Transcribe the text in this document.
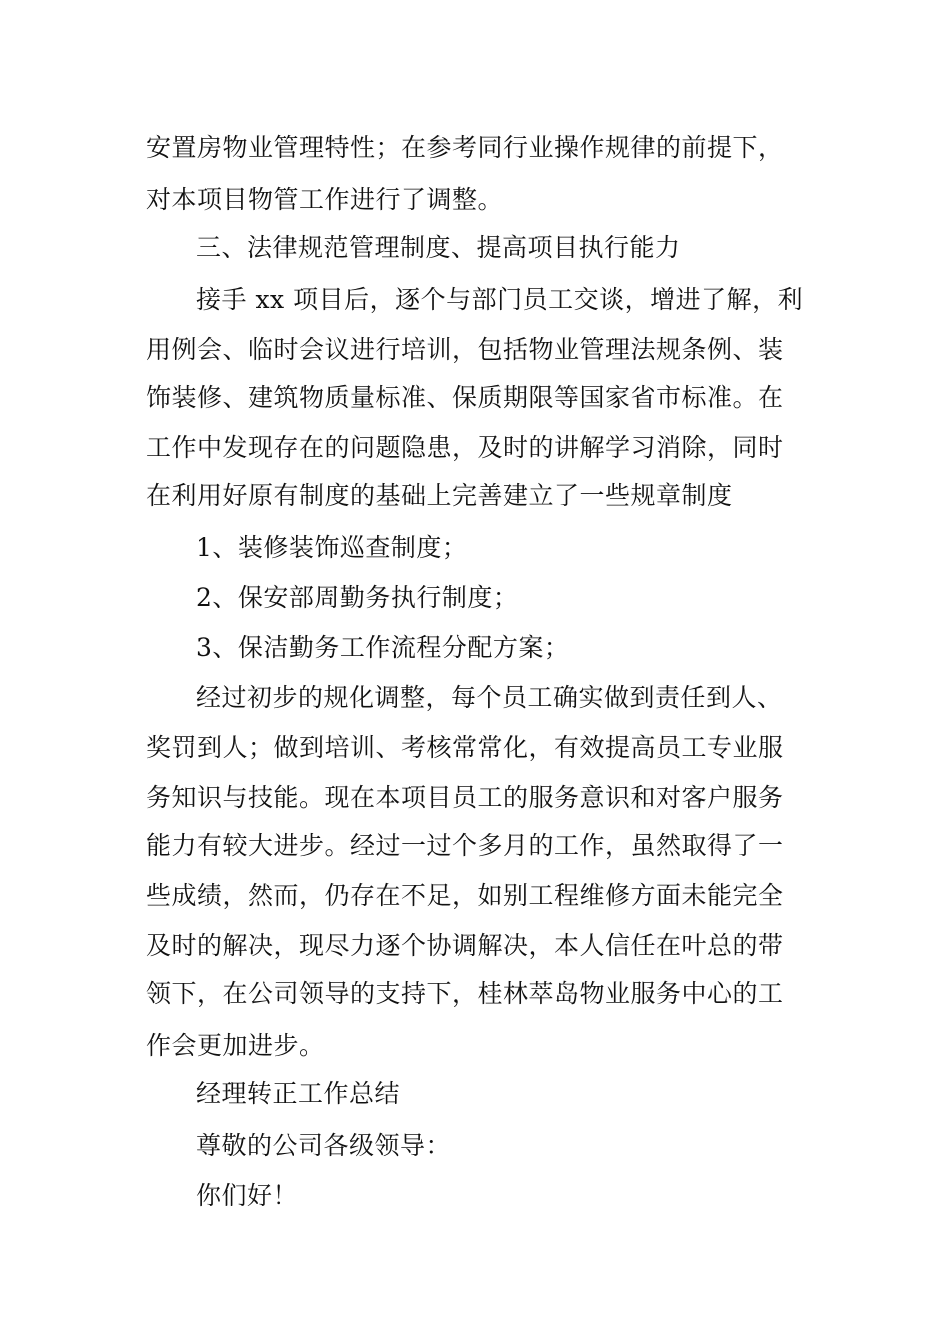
安置房物业管理特性；在参考同行业操作规律的前提下，
对本项目物管工作进行了调整。
三、法律规范管理制度、提高项目执行能力
接手 xx 项目后，逐个与部门员工交谈，增进了解，利
用例会、临时会议进行培训，包括物业管理法规条例、装
饰装修、建筑物质量标准、保质期限等国家省市标准。在
工作中发现存在的问题隐患，及时的讲解学习消除，同时
在利用好原有制度的基础上完善建立了一些规章制度
1、装修装饰巡查制度；
2、保安部周勤务执行制度；
3、保洁勤务工作流程分配方案；
经过初步的规化调整，每个员工确实做到责任到人、
奖罚到人；做到培训、考核常常化，有效提高员工专业服
务知识与技能。现在本项目员工的服务意识和对客户服务
能力有较大进步。经过一过个多月的工作，虽然取得了一
些成绩，然而，仍存在不足，如别工程维修方面未能完全
及时的解决，现尽力逐个协调解决，本人信任在叶总的带
领下，在公司领导的支持下，桂林萃岛物业服务中心的工
作会更加进步。
经理转正工作总结
尊敬的公司各级领导：
你们好！
